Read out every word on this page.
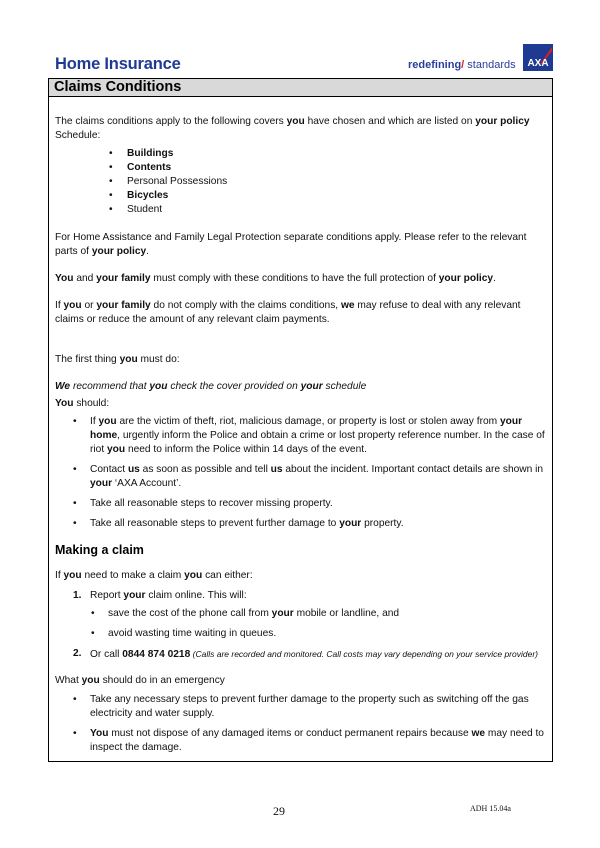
Home Insurance	redefining/ standards AXA
Claims Conditions

The claims conditions apply to the following covers you have chosen and which are listed on your policy Schedule:

• Buildings
• Contents
• Personal Possessions
• Bicycles
• Student

For Home Assistance and Family Legal Protection separate conditions apply. Please refer to the relevant parts of your policy.

You and your family must comply with these conditions to have the full protection of your policy.

If you or your family do not comply with the claims conditions, we may refuse to deal with any relevant claims or reduce the amount of any relevant claim payments.

The first thing you must do:

We recommend that you check the cover provided on your schedule

You should:

• If you are the victim of theft, riot, malicious damage, or property is lost or stolen away from your home, urgently inform the Police and obtain a crime or lost property reference number. In the case of riot you need to inform the Police within 14 days of the event.
• Contact us as soon as possible and tell us about the incident. Important contact details are shown in your ‘AXA Account’.
• Take all reasonable steps to recover missing property.
• Take all reasonable steps to prevent further damage to your property.

Making a claim

If you need to make a claim you can either:

1. Report your claim online. This will:
• save the cost of the phone call from your mobile or landline, and
• avoid wasting time waiting in queues.
2. Or call 0844 874 0218 (Calls are recorded and monitored. Call costs may vary depending on your service provider)

What you should do in an emergency

• Take any necessary steps to prevent further damage to the property such as switching off the gas electricity and water supply.
• You must not dispose of any damaged items or conduct permanent repairs because we may need to inspect the damage.
29	ADH 15.04a
